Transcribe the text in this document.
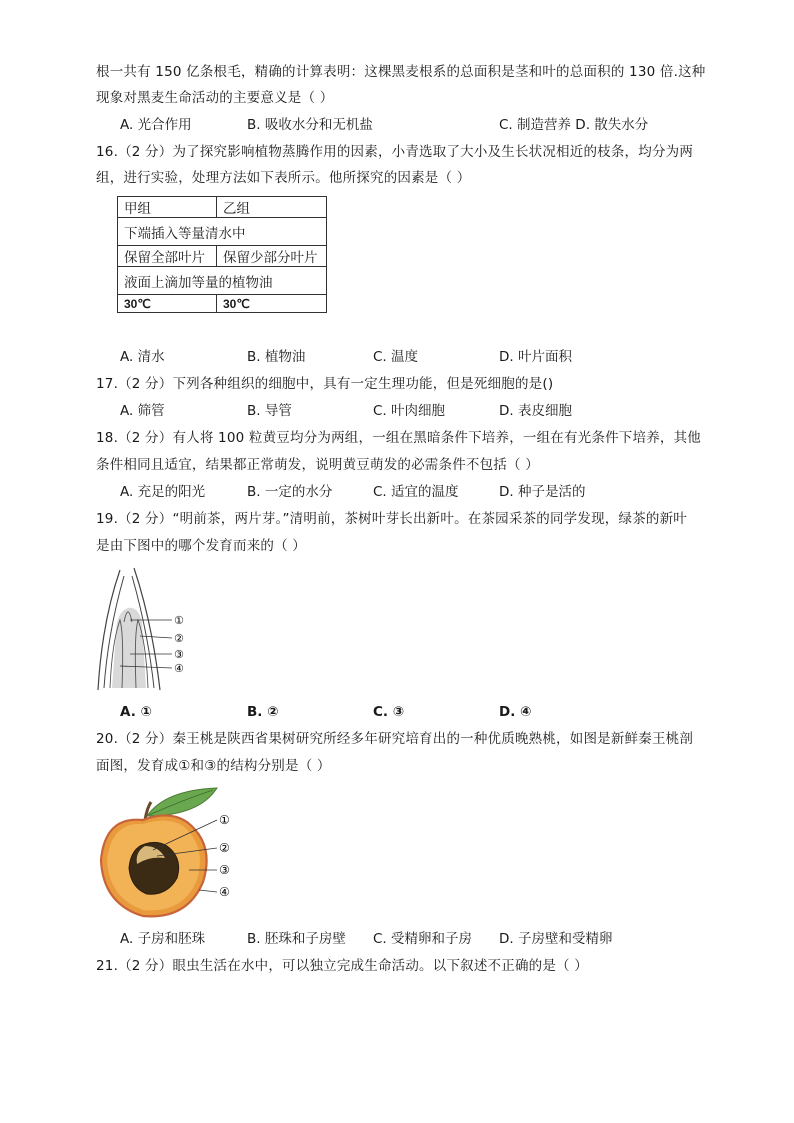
根一共有 150 亿条根毛，精确的计算表明：这棵黑麦根系的总面积是茎和叶的总面积的 130 倍.这种
现象对黑麦生命活动的主要意义是（ ）
A. 光合作用	B. 吸收水分和无机盐	C. 制造营养 D. 散失水分
16.（2 分）为了探究影响植物蒸腾作用的因素，小青选取了大小及生长状况相近的枝条，均分为两
组，进行实验，处理方法如下表所示。他所探究的因素是（ ）
甲组	乙组
下端插入等量清水中	
保留全部叶片	保留少部分叶片
液面上滴加等量的植物油	
30℃	30℃
A. 清水	B. 植物油	C. 温度	D. 叶片面积
17.（2 分）下列各种组织的细胞中，具有一定生理功能，但是死细胞的是()
A. 筛管	B. 导管	C. 叶肉细胞	D. 表皮细胞
18.（2 分）有人将 100 粒黄豆均分为两组，一组在黑暗条件下培养，一组在有光条件下培养，其他
条件相同且适宜，结果都正常萌发，说明黄豆萌发的必需条件不包括（ ）
A. 充足的阳光	B. 一定的水分	C. 适宜的温度	D. 种子是活的
19.（2 分）“明前茶，两片芽。”清明前，茶树叶芽长出新叶。在茶园采茶的同学发现，绿茶的新叶
是由下图中的哪个发育而来的（ ）
①
②
③
④
A. ①	B. ②	C. ③	D. ④
20.（2 分）秦王桃是陕西省果树研究所经多年研究培育出的一种优质晚熟桃，如图是新鲜秦王桃剖
面图，发育成①和③的结构分别是（ ）
①
②
③
④
A. 子房和胚珠	B. 胚珠和子房壁 C. 受精卵和子房 D. 子房壁和受精卵
21.（2 分）眼虫生活在水中，可以独立完成生命活动。以下叙述不正确的是（ ）
